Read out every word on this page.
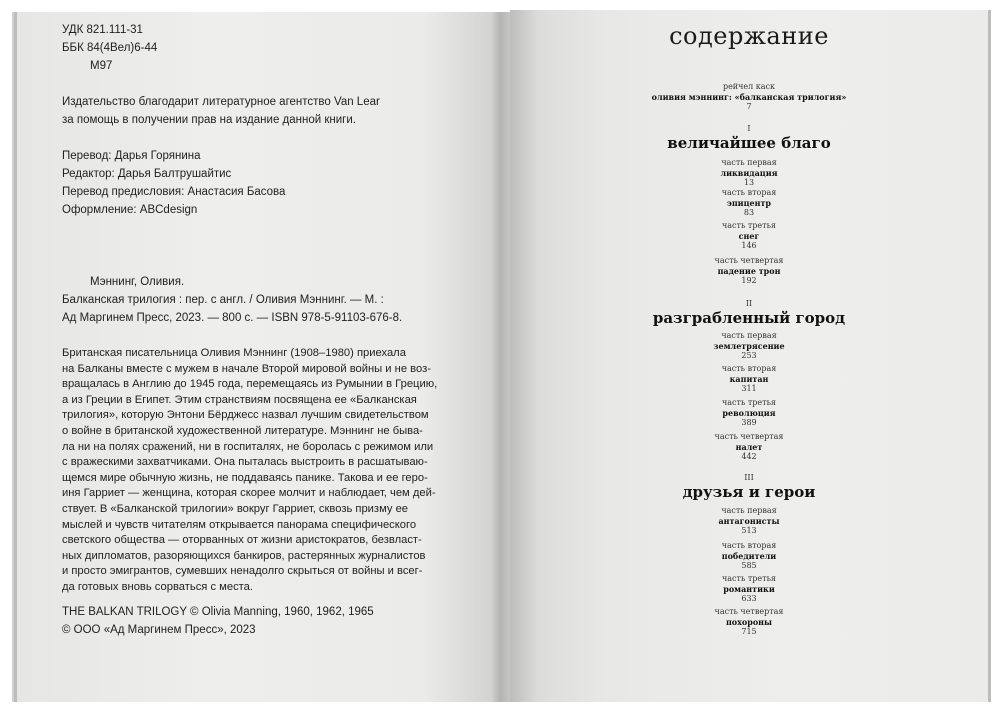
УДК 821.111-31
ББК 84(4Вел)6-44
М97
Издательство благодарит литературное агентство Van Lear
за помощь в получении прав на издание данной книги.
Перевод: Дарья Горянина
Редактор: Дарья Балтрушайтис
Перевод предисловия: Анастасия Басова
Оформление: ABCdesign
Мэннинг, Оливия.
Балканская трилогия : пер. с англ. / Оливия Мэннинг. — М. :
Ад Маргинем Пресс, 2023. — 800 с. — ISBN 978-5-91103-676-8.
Британская писательница Оливия Мэннинг (1908–1980) приехала
на Балканы вместе с мужем в начале Второй мировой войны и не воз-
вращалась в Англию до 1945 года, перемещаясь из Румынии в Грецию,
а из Греции в Египет. Этим странствиям посвящена ее «Балканская
трилогия», которую Энтони Бёрджесс назвал лучшим свидетельством
о войне в британской художественной литературе. Мэннинг не быва-
ла ни на полях сражений, ни в госпиталях, не боролась с режимом или
с вражескими захватчиками. Она пыталась выстроить в расшатываю-
щемся мире обычную жизнь, не поддаваясь панике. Такова и ее геро-
иня Гарриет — женщина, которая скорее молчит и наблюдает, чем дей-
ствует. В «Балканской трилогии» вокруг Гарриет, сквозь призму ее
мыслей и чувств читателям открывается панорама специфического
светского общества — оторванных от жизни аристократов, безвласт-
ных дипломатов, разоряющихся банкиров, растерянных журналистов
и просто эмигрантов, сумевших ненадолго скрыться от войны и всег-
да готовых вновь сорваться с места.
THE BALKAN TRILOGY © Olivia Manning, 1960, 1962, 1965
© ООО «Ад Маргинем Пресс», 2023
содержание
рейчел каск
оливия мэннинг: «балканская трилогия»
7
I
величайшее благо
часть первая
ликвидация
13
часть вторая
эпицентр
83
часть третья
снег
146
часть четвертая
падение трон
192
II
разграбленный город
часть первая
землетрясение
253
часть вторая
капитан
311
часть третья
революция
389
часть четвертая
налет
442
III
друзья и герои
часть первая
антагонисты
513
часть вторая
победители
585
часть третья
романтики
633
часть четвертая
похороны
715
